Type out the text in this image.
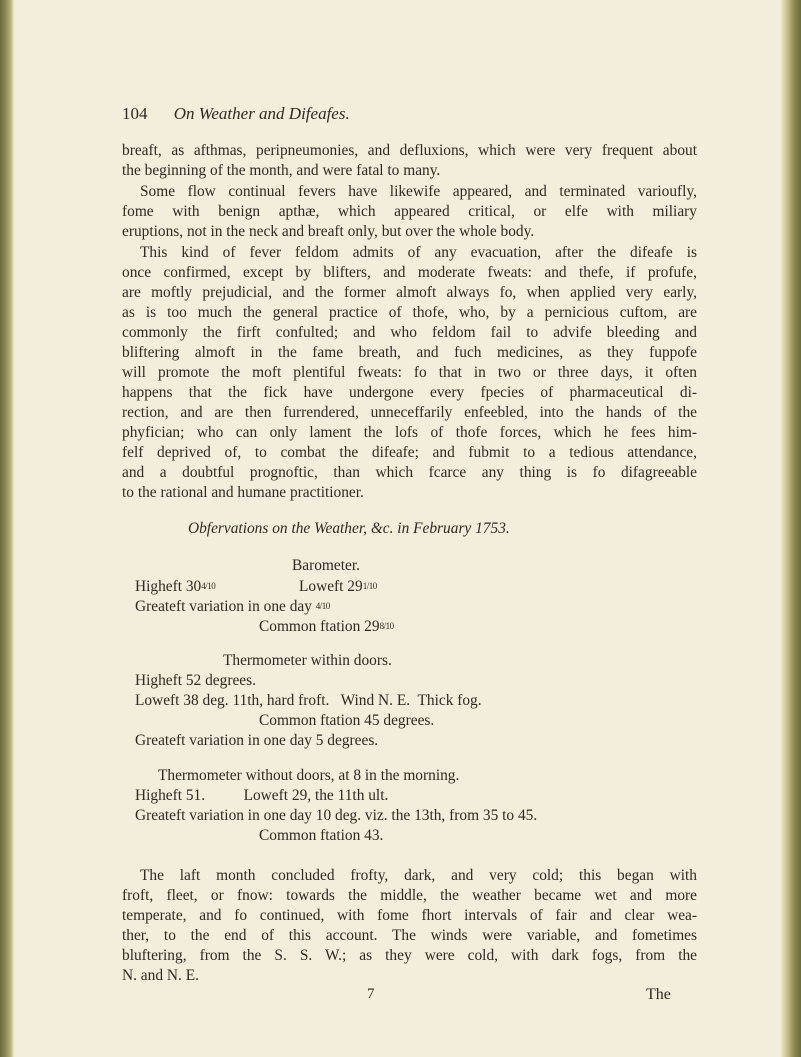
104 On Weather and Difeafes.
breaft, as afthmas, peripneumonies, and defluxions, which were very frequent about
the beginning of the month, and were fatal to many.
Some flow continual fevers have likewife appeared, and terminated varioufly,
fome with benign apthæ, which appeared critical, or elfe with miliary
eruptions, not in the neck and breaft only, but over the whole body.
This kind of fever feldom admits of any evacuation, after the difeafe is
once confirmed, except by blifters, and moderate fweats: and thefe, if profufe,
are moftly prejudicial, and the former almoft always fo, when applied very early,
as is too much the general practice of thofe, who, by a pernicious cuftom, are
commonly the firft confulted; and who feldom fail to advife bleeding and
bliftering almoft in the fame breath, and fuch medicines, as they fuppofe
will promote the moft plentiful fweats: fo that in two or three days, it often
happens that the fick have undergone every fpecies of pharmaceutical di-
rection, and are then furrendered, unneceffarily enfeebled, into the hands of the
phyfician; who can only lament the lofs of thofe forces, which he fees him-
felf deprived of, to combat the difeafe; and fubmit to a tedious attendance,
and a doubtful prognoftic, than which fcarce any thing is fo difagreeable
to the rational and humane practitioner.
Obfervations on the Weather, &c. in February 1753.
Barometer.
Higheft 304/10	Loweft 291/10
Greateft variation in one day 4/10
Common ftation 298/10
Thermometer within doors.
Higheft 52 degrees.
Loweft 38 deg. 11th, hard froft.   Wind N. E.  Thick fog.
Common ftation 45 degrees.
Greateft variation in one day 5 degrees.
Thermometer without doors, at 8 in the morning.
Higheft 51.          Loweft 29, the 11th ult.
Greateft variation in one day 10 deg. viz. the 13th, from 35 to 45.
Common ftation 43.
The laft month concluded frofty, dark, and very cold; this began with
froft, fleet, or fnow: towards the middle, the weather became wet and more
temperate, and fo continued, with fome fhort intervals of fair and clear wea-
ther, to the end of this account. The winds were variable, and fometimes
bluftering, from the S. S. W.; as they were cold, with dark fogs, from the
N. and N. E.
7	The
